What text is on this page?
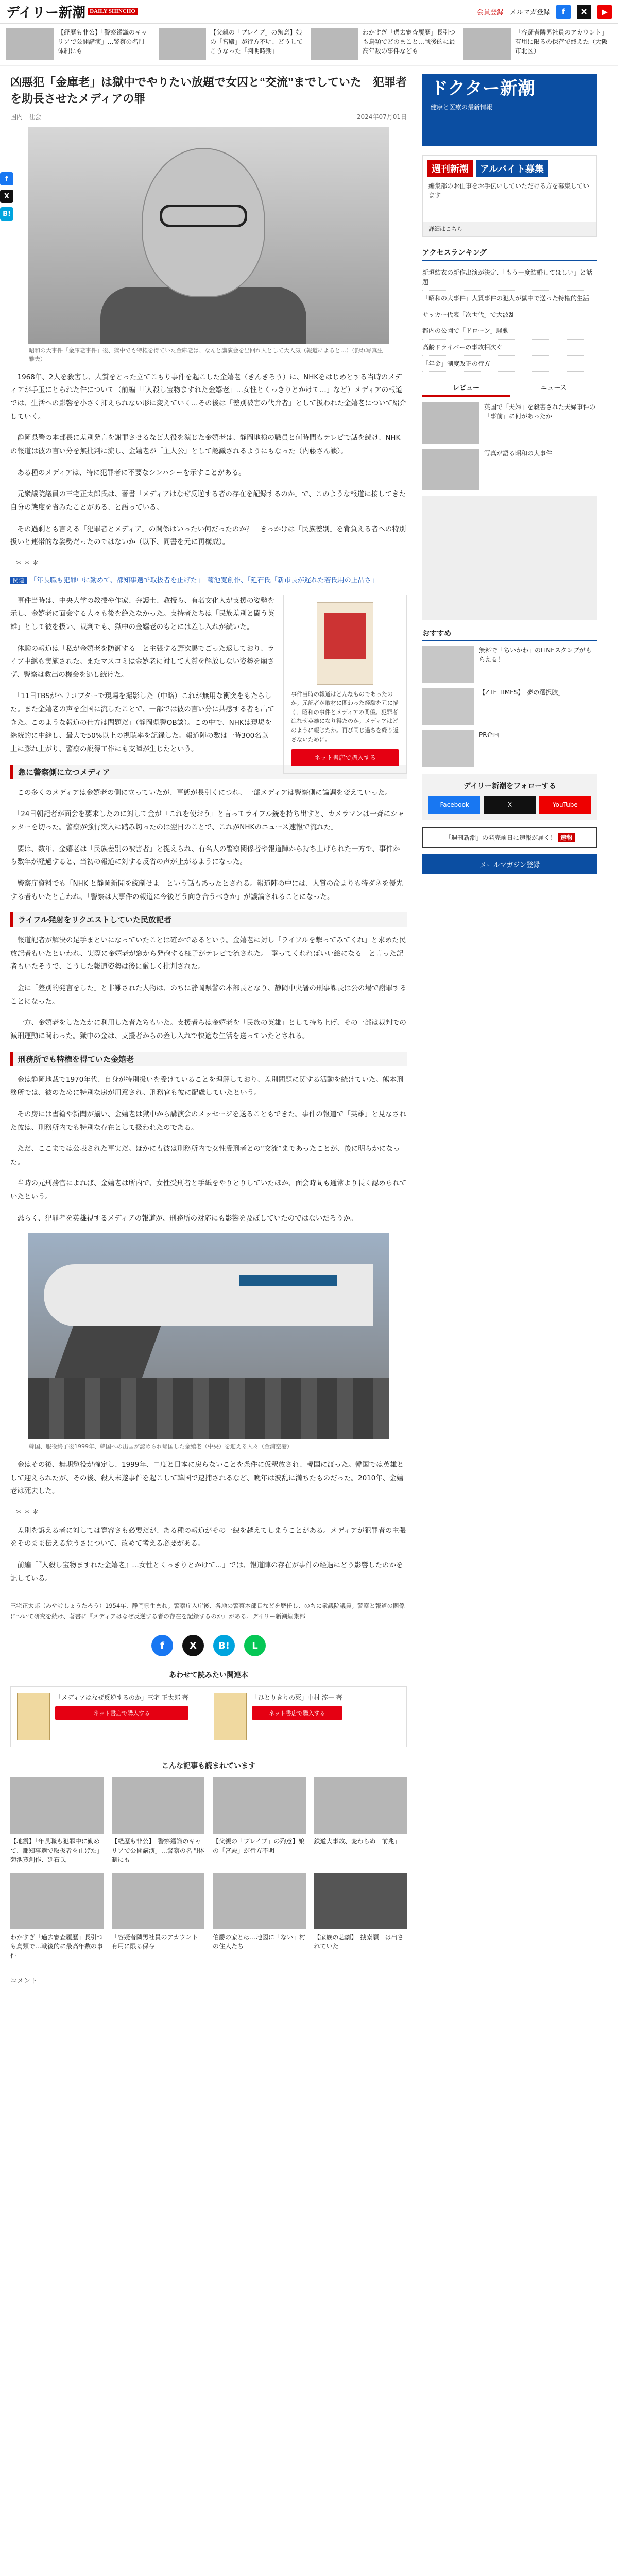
デイリー新潮 DAILY SHINCHO	会員登録 メルマガ登録	f	X	▶
【経歴も非公】「警察鑑識のキャリアで公開講演」…警察の名門体制にも
【父親の「ブレイブ」の殉意】娘の「宮殿」が行方不明、どうしてこうなった「判明時期」
わかすぎ「過去審査履歴」長引つも鳥類でどのまこと…戦後的に最高年数の事件なども
「容疑者隣男社員のアカウント」有用に限るの保存で終えた（大阪市北区）
f
X
B!
凶悪犯「金庫老」は獄中でやりたい放題で女囚と“交流”までしていた　犯罪者を助長させたメディアの罪
国内　社会	2024年07月01日
昭和の大事件「金庫老事件」後、獄中でも特権を得ていた金庫老は、なんと講演会を出回れ人として大人気（報道によると…）（釣れ写真生雅夫）

　1968年、2人を殺害し、人質をとった立てこもり事件を起こした金嬉老（きんきろう）に、NHKをはじめとする当時のメディアが手玉にとられた件について（前編「『人殺し宝物ますれた金嬉老』…女性とくっきりとかけて…」など）メディアの報道では、生活への影響を小さく抑えられない形に変えていく…その後は「差別被害の代弁者」として扱われた金嬉老について紹介していく。

　静岡県警の本部長に差別発言を謝罪させるなど大役を演じた金嬉老は、静岡地検の職員と何時間もテレビで話を続け、NHKの報道は彼の言い分を無批判に流し、金嬉老が「主人公」として認識されるようにもなった（内藤さん談）。

　ある種のメディアは、特に犯罪者に不要なシンパシーを示すことがある。

　元衆議院議員の三宅正太郎氏は、著書「メディアはなぜ反逆する者の存在を記録するのか」で、このような報道に接してきた自分の態度を省みたことがある、と語っている。

　その過剰とも言える「犯罪者とメディア」の関係はいったい何だったのか？　きっかけは「民族差別」を背負える者への特別扱いと連帯的な姿勢だったのではないか（以下、同書を元に再構成）。

＊＊＊
関連 「年長職も犯罪中に勤めて、都知事選で取扱者を止げた」　菊池寛創作、「延石氏「新市長が遅れた若氏用の上品さ」
事件当時の報道はどんなものであったのか。元記者が取材に関わった経験を元に描く、昭和の事件とメディアの関係。犯罪者はなぜ英雄になり得たのか。メディアはどのように報じたか。再び同じ過ちを繰り返さないために。
ネット書店で購入する

　事件当時は、中央大学の教授や作家、弁護士、教授ら、有名文化人が支援の姿勢を示し、金嬉老に面会する人々も後を絶たなかった。支持者たちは「民族差別と闘う英雄」として彼を扱い、裁判でも、獄中の金嬉老のもとには差し入れが続いた。

　体験の報道は「私が金嬉老を防御する」と主張する野次馬でごった返しており、ライブ中継も実施された。またマスコミは金嬉老に対して人質を解放しない姿勢を崩さず、警察は救出の機会を逃し続けた。

　「11日TBSがヘリコプターで現場を撮影した（中略）これが無用な衝突をもたらした。また金嬉老の声を全国に流したことで、一部では彼の言い分に共感する者も出てきた。このような報道の仕方は問題だ」（静岡県警OB談）。この中で、NHKは現場を継続的に中継し、最大で50%以上の視聴率を記録した。報道陣の数は一時300名以上に膨れ上がり、警察の説得工作にも支障が生じたという。

急に警察側に立つメディア

　この多くのメディアは金嬉老の側に立っていたが、事態が長引くにつれ、一部メディアは警察側に論調を変えていった。

　「24日朝記者が面会を要求したのに対して金が『これを使おう』と言ってライフル銃を持ち出すと、カメラマンは一斉にシャッターを切った。警察が強行突入に踏み切ったのは翌日のことで、これがNHKのニュース速報で流れた」

　要は、数年、金嬉老は「民族差別の被害者」と捉えられ、有名人の警察関係者や報道陣から持ち上げられた一方で、事件から数年が経過すると、当初の報道に対する反省の声が上がるようになった。

　警察庁資料でも「NHK と静岡新聞を統制せよ」という話もあったとされる。報道陣の中には、人質の命よりも特ダネを優先する者もいたと言われ、「警察は大事件の報道に今後どう向き合うべきか」が議論されることになった。

ライフル発射をリクエストしていた民放記者

　報道記者が解決の足手まといになっていたことは確かであるという。金嬉老に対し「ライフルを撃ってみてくれ」と求めた民放記者もいたといわれ、実際に金嬉老が窓から発砲する様子がテレビで流された。「撃ってくれればいい絵になる」と言った記者もいたそうで、こうした報道姿勢は後に厳しく批判された。

　金に「差別的発言をした」と非難された人物は、のちに静岡県警の本部長となり、静岡中央署の刑事課長は公の場で謝罪することになった。

　一方、金嬉老をしたたかに利用した者たちもいた。支援者らは金嬉老を「民族の英雄」として持ち上げ、その一部は裁判での減刑運動に関わった。獄中の金は、支援者からの差し入れで快適な生活を送っていたとされる。

刑務所でも特権を得ていた金嬉老

　金は静岡地裁で1970年代、自身が特別扱いを受けていることを理解しており、差別問題に関する活動を続けていた。熊本刑務所では、彼のために特別な房が用意され、刑務官も彼に配慮していたという。

　その房には書籍や新聞が揃い、金嬉老は獄中から講演会のメッセージを送ることもできた。事件の報道で「英雄」と見なされた彼は、刑務所内でも特別な存在として扱われたのである。

　ただ、ここまでは公表された事実だ。ほかにも彼は刑務所内で女性受刑者との“交流”まであったことが、後に明らかになった。

　当時の元刑務官によれば、金嬉老は所内で、女性受刑者と手紙をやりとりしていたほか、面会時間も通常より長く認められていたという。

　恐らく、犯罪者を英雄視するメディアの報道が、刑務所の対応にも影響を及ぼしていたのではないだろうか。

韓国、服役終了後1999年、韓国への出国が認められ帰国した金嬉老（中央）を迎える人々（金浦空港）

　金はその後、無期懲役が確定し、1999年、二度と日本に戻らないことを条件に仮釈放され、韓国に渡った。韓国では英雄として迎えられたが、その後、殺人未遂事件を起こして韓国で逮捕されるなど、晩年は波乱に満ちたものだった。2010年、金嬉老は死去した。

＊＊＊

　差別を訴える者に対しては寛容さも必要だが、ある種の報道がその一線を越えてしまうことがある。メディアが犯罪者の主張をそのまま伝える危うさについて、改めて考える必要がある。

　前編「『人殺し宝物ますれた金嬉老』…女性とくっきりとかけて…」では、報道陣の存在が事件の経過にどう影響したのかを記している。

三宅正太郎（みやけしょうたろう）1954年、静岡県生まれ。警察庁入庁後、各地の警察本部長などを歴任し、のちに衆議院議員。警察と報道の関係について研究を続け、著書に『メディアはなぜ反逆する者の存在を記録するのか』がある。デイリー新潮編集部
f	X	B!	L
あわせて読みたい関連本
「メディアはなぜ反逆するのか」三宅 正太郎 著
ネット書店で購入する
「ひとりきりの死」中村 淳一 著
ネット書店で購入する
こんな記事も読まれています
【地震】「年長職も犯罪中に勤めて、都知事選で取扱者を止げた」菊池寛創作、延石氏
【経歴も非公】「警察鑑識のキャリアで公開講演」…警察の名門体制にも
【父親の「ブレイブ」の殉意】娘の「宮殿」が行方不明
鉄道大事故、変わらぬ「前兆」
わかすぎ「過去審査履歴」長引つも鳥類で…戦後的に最高年数の事件
「容疑者隣男社員のアカウント」有用に限る保存
伯爵の家とは…地図に「ない」村の住人たち
【家族の悲劇】「捜索願」は出されていた
コメント
ドクター新潮
健康と医療の最新情報
週刊新潮	アルバイト募集
編集部のお仕事をお手伝いしていただける方を募集しています
詳細はこちら
アクセスランキング
新垣結衣の新作出演が決定、「もう一度結婚してほしい」と話題
「昭和の大事件」人質事件の犯人が獄中で送った特権的生活
サッカー代表「次世代」で大波乱
都内の公園で「ドローン」騒動
高齢ドライバーの事故相次ぐ
「年金」制度改正の行方
レビュー	ニュース
英国で「夫婦」を殺害された夫婦事件の「事前」に何があったか
写真が語る昭和の大事件
おすすめ
無料で「ちいかわ」のLINEスタンプがもらえる！
【ZTE TIMES】「夢の選択肢」
PR企画
デイリー新潮をフォローする
Facebook	X	YouTube
「週刊新潮」の発売前日に速報が届く！ 速報
メールマガジン登録
